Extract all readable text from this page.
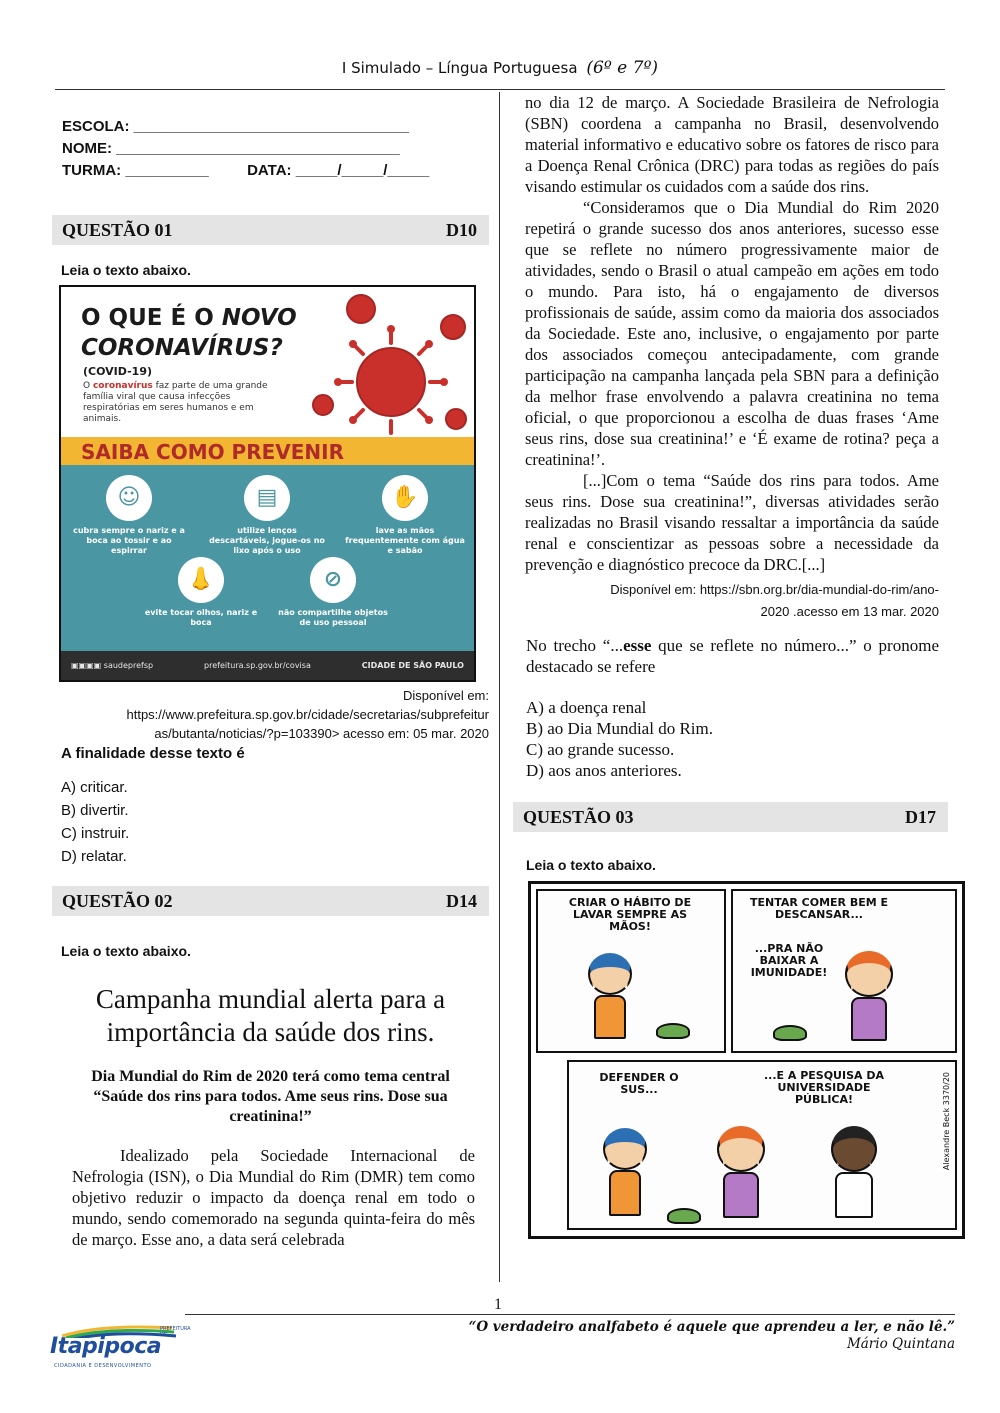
I Simulado – Língua Portuguesa (6º e 7º)
ESCOLA: _________________________________
NOME: __________________________________
TURMA: __________	DATA: _____/_____/_____
QUESTÃO 01	D10
Leia o texto abaixo.
O QUE É O NOVO
CORONAVÍRUS?
(COVID-19)
O coronavírus faz parte de uma grande família viral que causa infecções respiratórias em seres humanos e em animais.
SAIBA COMO PREVENIR
☺
cubra sempre o nariz e a boca ao tossir e ao espirrar
▤
utilize lenços descartáveis, jogue-os no lixo após o uso
✋
lave as mãos frequentemente com água e sabão
👃
evite tocar olhos, nariz e boca
⊘
não compartilhe objetos de uso pessoal
▣▣▣▣ saudeprefsp	prefeitura.sp.gov.br/covisa	CIDADE DE SÃO PAULO
Disponível em:
https://www.prefeitura.sp.gov.br/cidade/secretarias/subprefeitur
as/butanta/noticias/?p=103390> acesso em: 05 mar. 2020
A finalidade desse texto é
A) criticar.
B) divertir.
C) instruir.
D) relatar.
QUESTÃO 02	D14
Leia o texto abaixo.
Campanha mundial alerta para a importância da saúde dos rins.
Dia Mundial do Rim de 2020 terá como tema central “Saúde dos rins para todos. Ame seus rins. Dose sua creatinina!”
Idealizado pela Sociedade Internacional de Nefrologia (ISN), o Dia Mundial do Rim (DMR) tem como objetivo reduzir o impacto da doença renal em todo o mundo, sendo comemorado na segunda quinta-feira do mês de março. Esse ano, a data será celebrada
no dia 12 de março. A Sociedade Brasileira de Nefrologia (SBN) coordena a campanha no Brasil, desenvolvendo material informativo e educativo sobre os fatores de risco para a Doença Renal Crônica (DRC) para todas as regiões do país visando estimular os cuidados com a saúde dos rins.
“Consideramos que o Dia Mundial do Rim 2020 repetirá o grande sucesso dos anos anteriores, sucesso esse que se reflete no número progressivamente maior de atividades, sendo o Brasil o atual campeão em ações em todo o mundo. Para isto, há o engajamento de diversos profissionais de saúde, assim como da maioria dos associados da Sociedade. Este ano, inclusive, o engajamento por parte dos associados começou antecipadamente, com grande participação na campanha lançada pela SBN para a definição da melhor frase envolvendo a palavra creatinina no tema oficial, o que proporcionou a escolha de duas frases ‘Ame seus rins, dose sua creatinina!’ e ‘É exame de rotina? peça a creatinina!’.
[...]Com o tema “Saúde dos rins para todos. Ame seus rins. Dose sua creatinina!”, diversas atividades serão realizadas no Brasil visando ressaltar a importância da saúde renal e conscientizar as pessoas sobre a necessidade da prevenção e diagnóstico precoce da DRC.[...]
Disponível em: https://sbn.org.br/dia-mundial-do-rim/ano-
2020 .acesso em 13 mar. 2020
No trecho “...esse que se reflete no número...” o pronome destacado se refere
A) a doença renal
B) ao Dia Mundial do Rim.
C) ao grande sucesso.
D) aos anos anteriores.
QUESTÃO 03	D17
Leia o texto abaixo.
CRIAR O HÁBITO DE LAVAR SEMPRE AS MÃOS!
TENTAR COMER BEM E DESCANSAR...
...PRA NÃO BAIXAR A IMUNIDADE!
DEFENDER O SUS...
...E A PESQUISA DA UNIVERSIDADE PÚBLICA!	Alexandre Beck 3370/20
1
PREFEITURA DE
Itapipoca
CIDADANIA E DESENVOLVIMENTO
“O verdadeiro analfabeto é aquele que aprendeu a ler, e não lê.”
Mário Quintana
